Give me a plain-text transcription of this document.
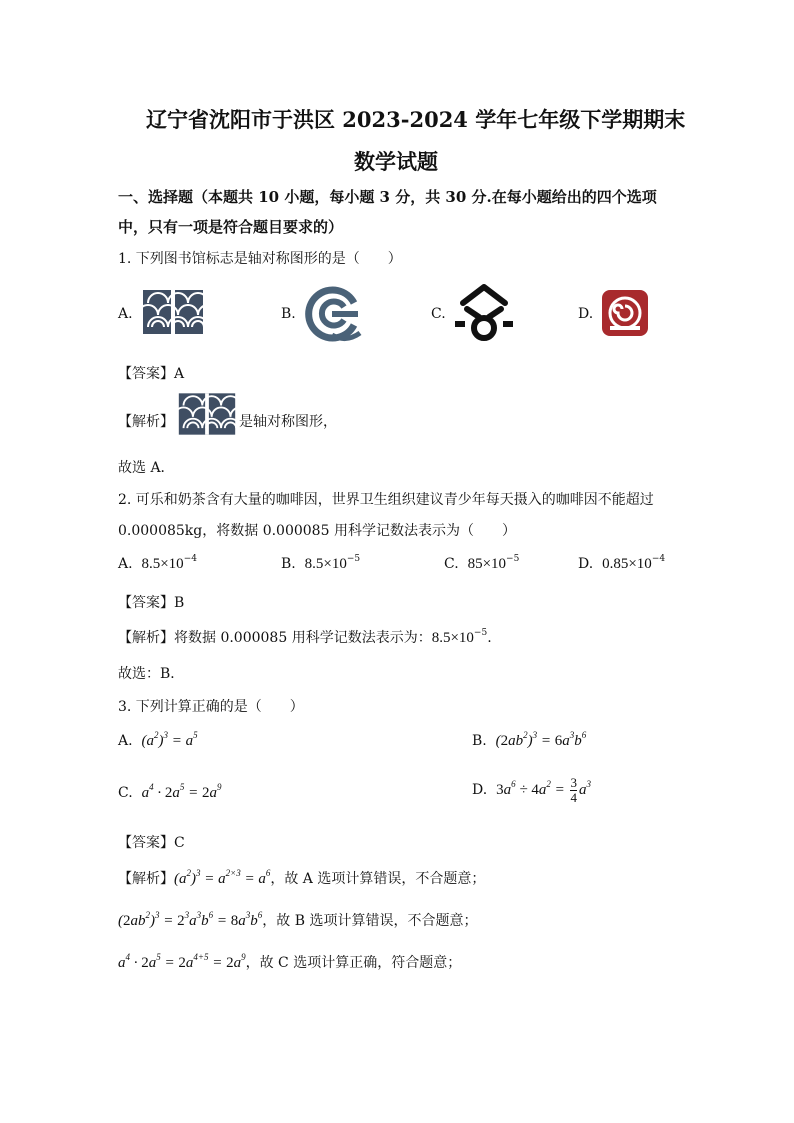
辽宁省沈阳市于洪区 2023-2024 学年七年级下学期期末
数学试题
一、选择题（本题共 10 小题，每小题 3 分，共 30 分.在每小题给出的四个选项
中，只有一项是符合题目要求的）
1. 下列图书馆标志是轴对称图形的是（　　）
A.	B.	C.	D.
【答案】A
【解析】	是轴对称图形，
故选 A．
2. 可乐和奶茶含有大量的咖啡因，世界卫生组织建议青少年每天摄入的咖啡因不能超过
0.000085kg，将数据 0.000085 用科学记数法表示为（　　）
A. $8.5\times 10^{-4}$	B. $8.5\times 10^{-5}$	C. $85\times 10^{-5}$	D. $0.85\times 10^{-4}$
【答案】B
【解析】将数据 0.000085 用科学记数法表示为：$8.5\times 10^{-5}$.
故选：B．
3. 下列计算正确的是（　　）
A. $(a^2)^3 = a^5$	B. $(2ab^2)^3 = 6a^3b^6$
C. $a^4 \cdot 2a^5 = 2a^9$	D. $3a^6 \div 4a^2 = \frac{3}{4} a^3$
【答案】C
【解析】$(a^2)^3 = a^{2\times 3} = a^6$，故 A 选项计算错误，不合题意；
$(2ab^2)^3 = 2^3a^3b^6 = 8a^3b^6$，故 B 选项计算错误，不合题意；
$a^4 \cdot 2a^5 = 2a^{4+5} = 2a^9$，故 C 选项计算正确，符合题意；
